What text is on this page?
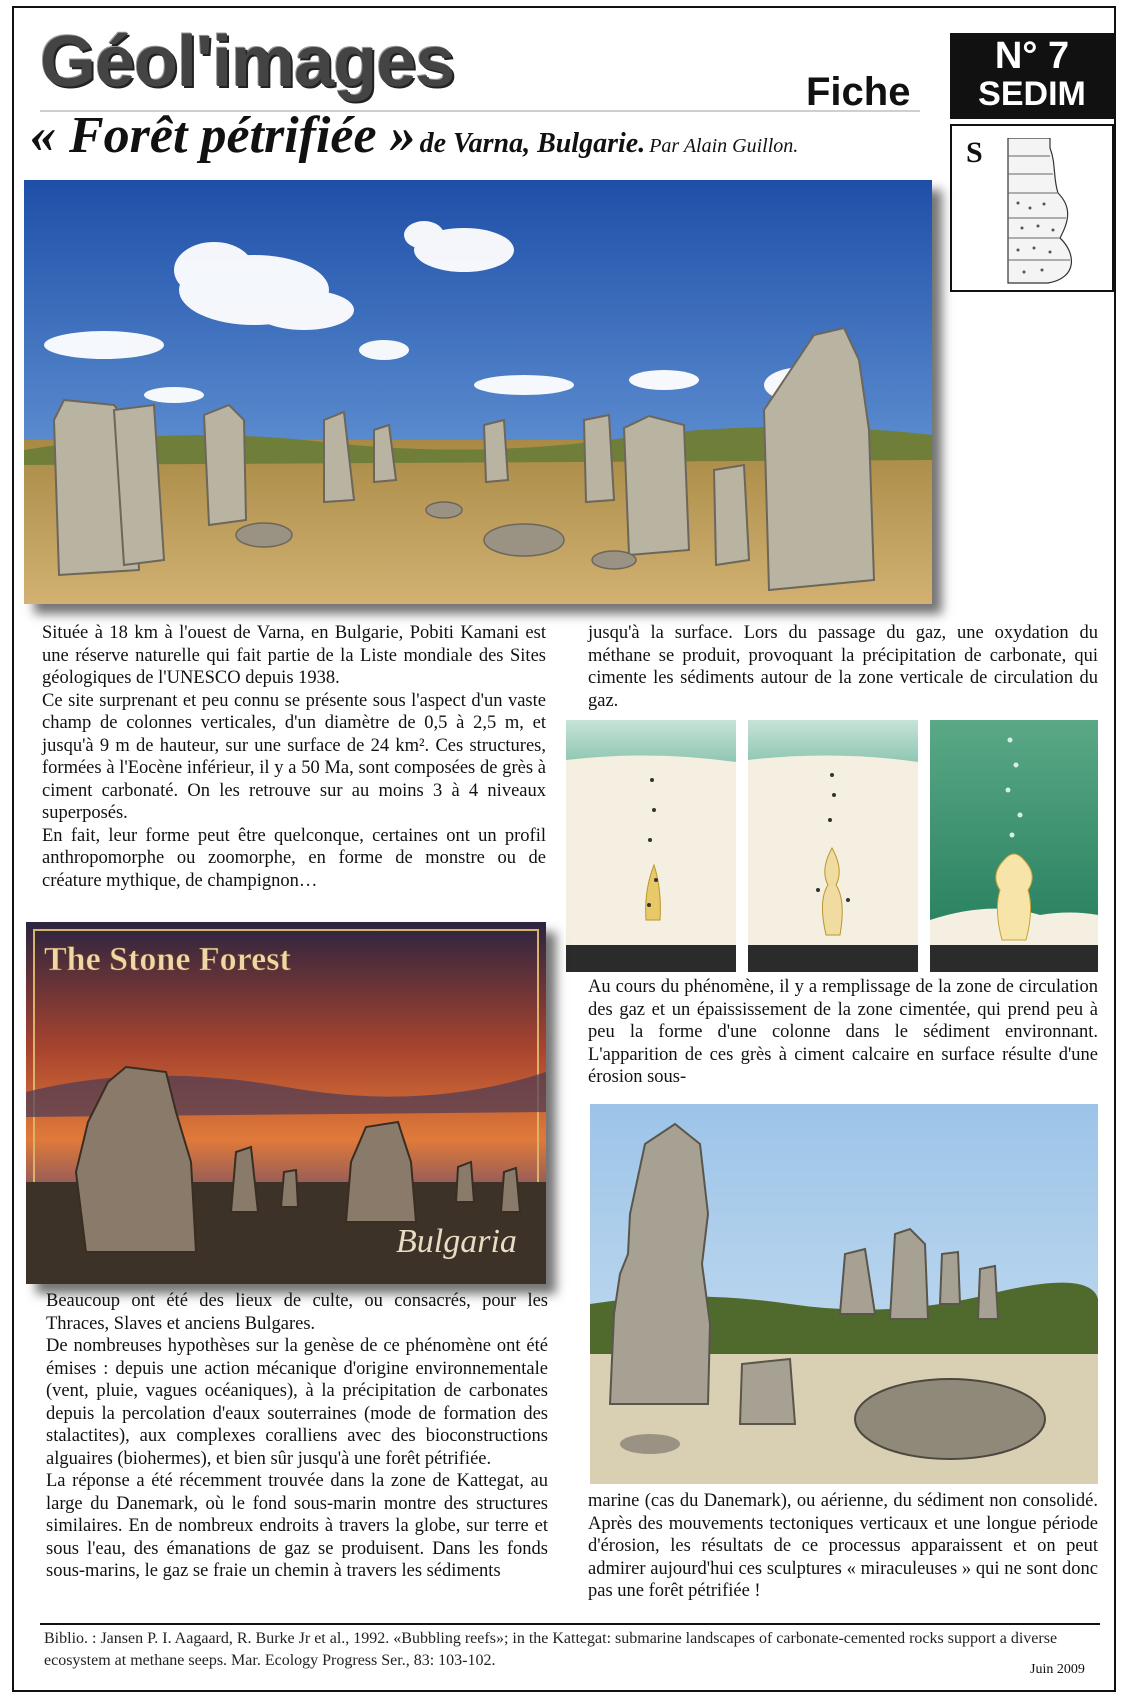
Géol'images	Fiche
N° 7
SEDIM
S
« Forêt pétrifiée » de Varna, Bulgarie. Par Alain Guillon.

Située à 18 km à l'ouest de Varna, en Bulgarie, Pobiti Kamani est une réserve naturelle qui fait partie de la Liste mondiale des Sites géologiques de l'UNESCO depuis 1938.

Ce site surprenant et peu connu se présente sous l'aspect d'un vaste champ de colonnes verticales, d'un diamètre de 0,5 à 2,5 m, et jusqu'à 9 m de hauteur, sur une surface de 24 km². Ces structures, formées à l'Eocène inférieur, il y a 50 Ma, sont composées de grès à ciment carbonaté. On les retrouve sur au moins 3 à 4 niveaux superposés.

En fait, leur forme peut être quelconque, certaines ont un profil anthropomorphe ou zoomorphe, en forme de monstre ou de créature mythique, de champignon…

jusqu'à la surface. Lors du passage du gaz, une oxydation du méthane se produit, provoquant la précipitation de carbonate, qui cimente les sédiments autour de la zone verticale de circulation du gaz.

Au cours du phénomène, il y a remplissage de la zone de circulation des gaz et un épaississement de la zone cimentée, qui prend peu à peu la forme d'une colonne dans le sédiment environnant. L'apparition de ces grès à ciment calcaire en surface résulte d'une érosion sous-

The Stone Forest
Bulgaria

Beaucoup ont été des lieux de culte, ou consacrés, pour les Thraces, Slaves et anciens Bulgares.

De nombreuses hypothèses sur la genèse de ce phénomène ont été émises : depuis une action mécanique d'origine environnementale (vent, pluie, vagues océaniques), à la précipitation de carbonates depuis la percolation d'eaux souterraines (mode de formation des stalactites), aux complexes coralliens avec des bioconstructions alguaires (biohermes), et bien sûr jusqu'à une forêt pétrifiée.

La réponse a été récemment trouvée dans la zone de Kattegat, au large du Danemark, où le fond sous-marin montre des structures similaires. En de nombreux endroits à travers la globe, sur terre et sous l'eau, des émanations de gaz se produisent. Dans les fonds sous-marins, le gaz se fraie un chemin à travers les sédiments

marine (cas du Danemark), ou aérienne, du sédiment non consolidé. Après des mouvements tectoniques verticaux et une longue période d'érosion, les résultats de ce processus apparaissent et on peut admirer aujourd'hui ces sculptures « miraculeuses » qui ne sont donc pas une forêt pétrifiée !

Biblio. : Jansen P. I. Aagaard, R. Burke Jr et al., 1992. «Bubbling reefs»; in the Kattegat: submarine landscapes of carbonate-cemented rocks support a diverse ecosystem at methane seeps. Mar. Ecology Progress Ser., 83: 103-102.
Juin 2009
